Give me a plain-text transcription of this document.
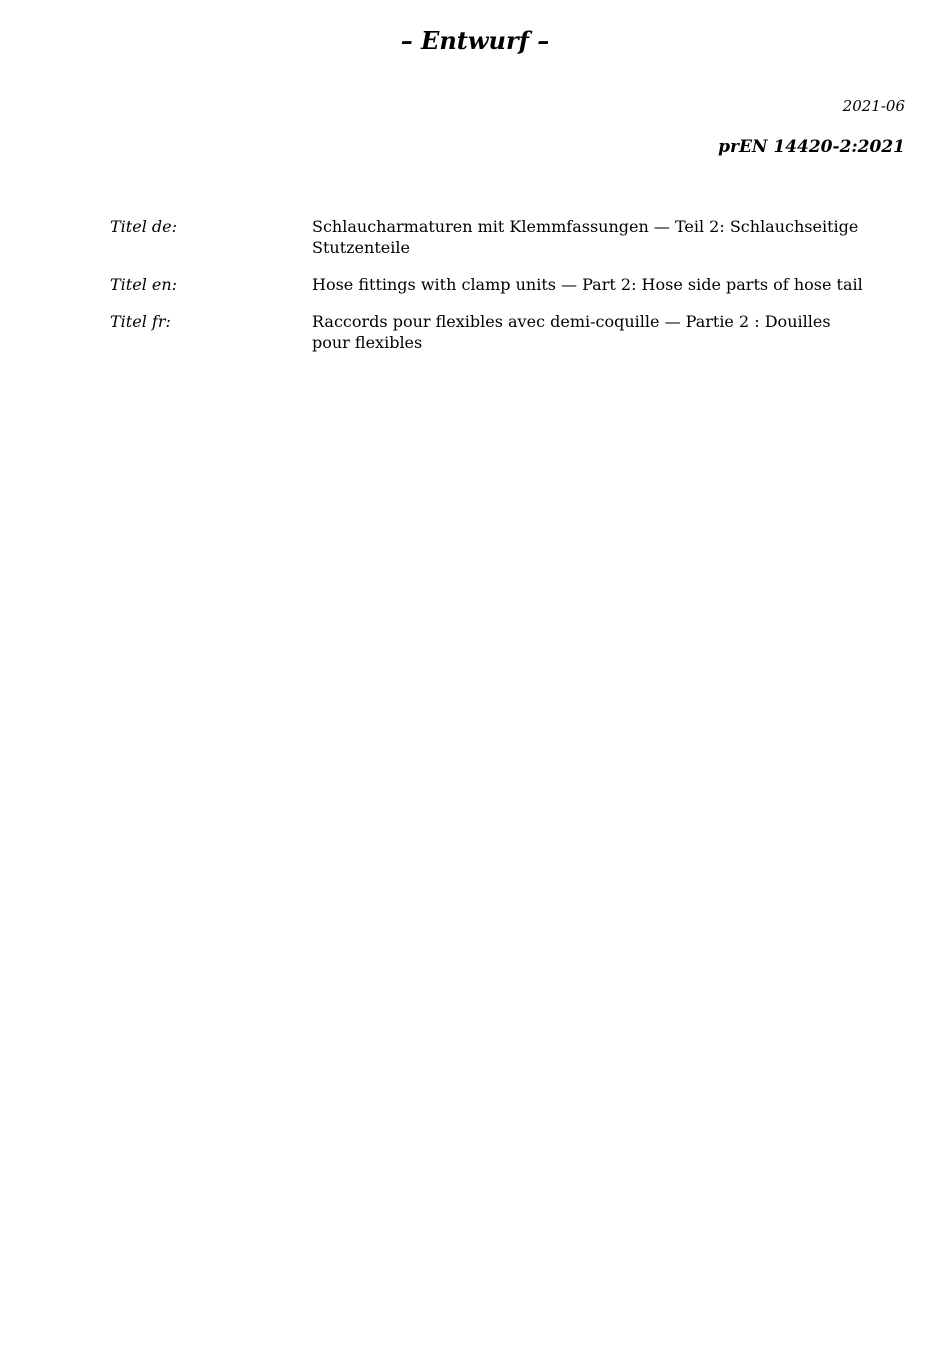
– Entwurf –
2021-06
prEN 14420-2:2021
Titel de:	Schlaucharmaturen mit Klemmfassungen — Teil 2: Schlauchseitige Stutzenteile
Titel en:	Hose fittings with clamp units — Part 2: Hose side parts of hose tail
Titel fr:	Raccords pour flexibles avec demi-coquille — Partie 2 : Douilles pour flexibles
